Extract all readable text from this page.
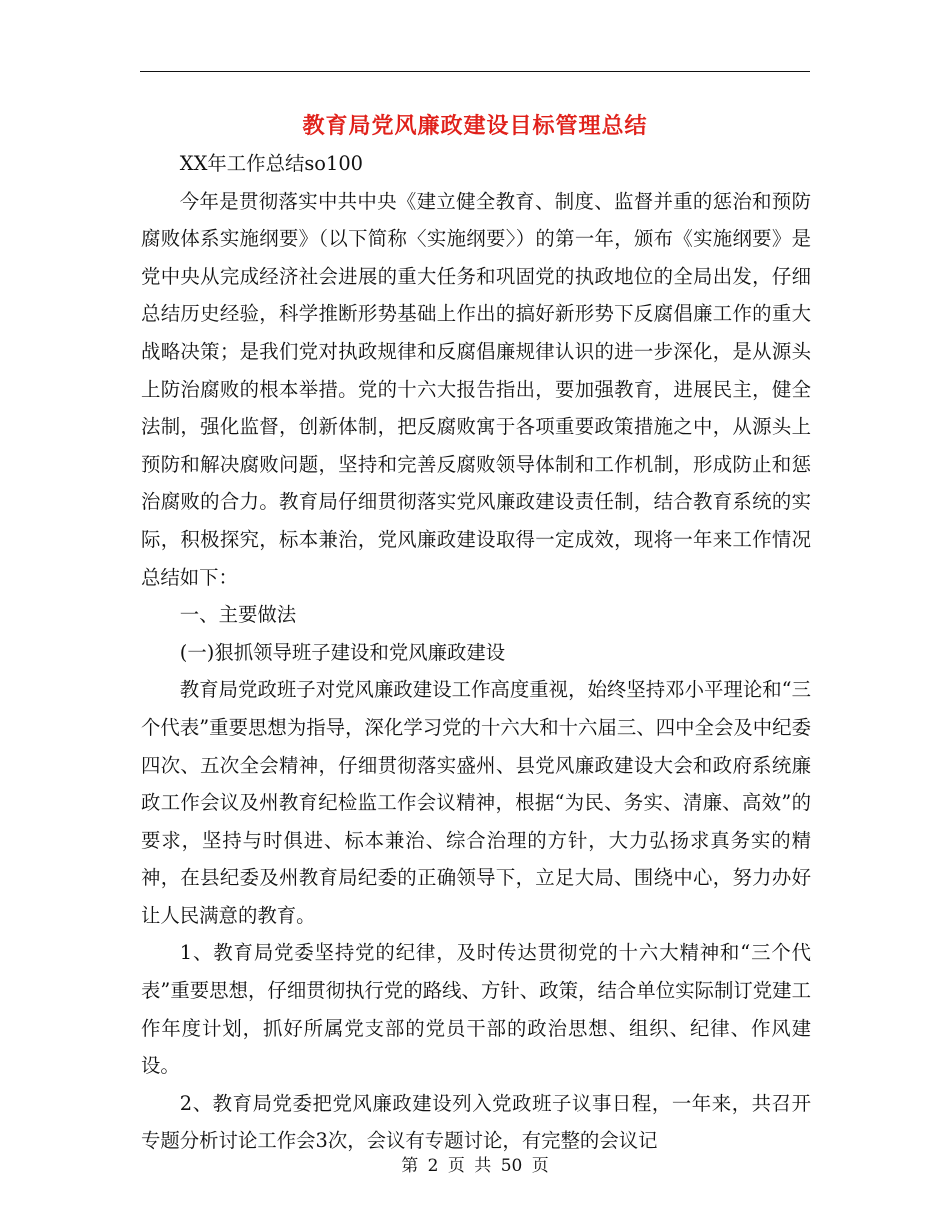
教育局党风廉政建设目标管理总结

XX年工作总结so100

今年是贯彻落实中共中央《建立健全教育、制度、监督并重的惩治和预防腐败体系实施纲要》（以下简称〈实施纲要〉）的第一年，颁布《实施纲要》是党中央从完成经济社会进展的重大任务和巩固党的执政地位的全局出发，仔细总结历史经验，科学推断形势基础上作出的搞好新形势下反腐倡廉工作的重大战略决策；是我们党对执政规律和反腐倡廉规律认识的进一步深化，是从源头上防治腐败的根本举措。党的十六大报告指出，要加强教育，进展民主，健全法制，强化监督，创新体制，把反腐败寓于各项重要政策措施之中，从源头上预防和解决腐败问题，坚持和完善反腐败领导体制和工作机制，形成防止和惩治腐败的合力。教育局仔细贯彻落实党风廉政建设责任制，结合教育系统的实际，积极探究，标本兼治，党风廉政建设取得一定成效，现将一年来工作情况总结如下：

一、主要做法

(一)狠抓领导班子建设和党风廉政建设

教育局党政班子对党风廉政建设工作高度重视，始终坚持邓小平理论和“三个代表”重要思想为指导，深化学习党的十六大和十六届三、四中全会及中纪委四次、五次全会精神，仔细贯彻落实盛州、县党风廉政建设大会和政府系统廉政工作会议及州教育纪检监工作会议精神，根据“为民、务实、清廉、高效”的要求，坚持与时俱进、标本兼治、综合治理的方针，大力弘扬求真务实的精神，在县纪委及州教育局纪委的正确领导下，立足大局、围绕中心，努力办好让人民满意的教育。

1、教育局党委坚持党的纪律，及时传达贯彻党的十六大精神和“三个代表”重要思想，仔细贯彻执行党的路线、方针、政策，结合单位实际制订党建工作年度计划，抓好所属党支部的党员干部的政治思想、组织、纪律、作风建设。

2、教育局党委把党风廉政建设列入党政班子议事日程，一年来，共召开专题分析讨论工作会3次，会议有专题讨论，有完整的会议记

第 2 页 共 50 页
